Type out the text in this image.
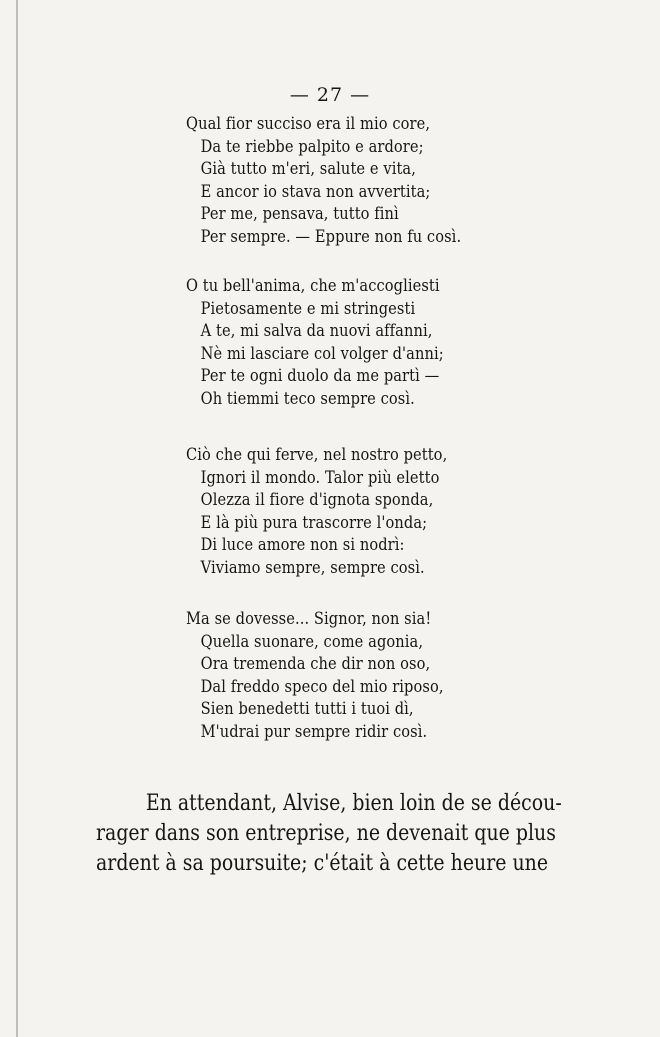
— 27 —
Qual fior succiso era il mio core,
Da te riebbe palpito e ardore;
Già tutto m'eri, salute e vita,
E ancor io stava non avvertita;
Per me, pensava, tutto finì
Per sempre. — Eppure non fu così.
O tu bell'anima, che m'accogliesti
Pietosamente e mi stringesti
A te, mi salva da nuovi affanni,
Nè mi lasciare col volger d'anni;
Per te ogni duolo da me partì —
Oh tiemmi teco sempre così.
Ciò che qui ferve, nel nostro petto,
Ignori il mondo. Talor più eletto
Olezza il fiore d'ignota sponda,
E là più pura trascorre l'onda;
Di luce amore non si nodrì:
Viviamo sempre, sempre così.
Ma se dovesse... Signor, non sia!
Quella suonare, come agonia,
Ora tremenda che dir non oso,
Dal freddo speco del mio riposo,
Sien benedetti tutti i tuoi dì,
M'udrai pur sempre ridir così.
En attendant, Alvise, bien loin de se décou-
rager dans son entreprise, ne devenait que plus
ardent à sa poursuite; c'était à cette heure une
